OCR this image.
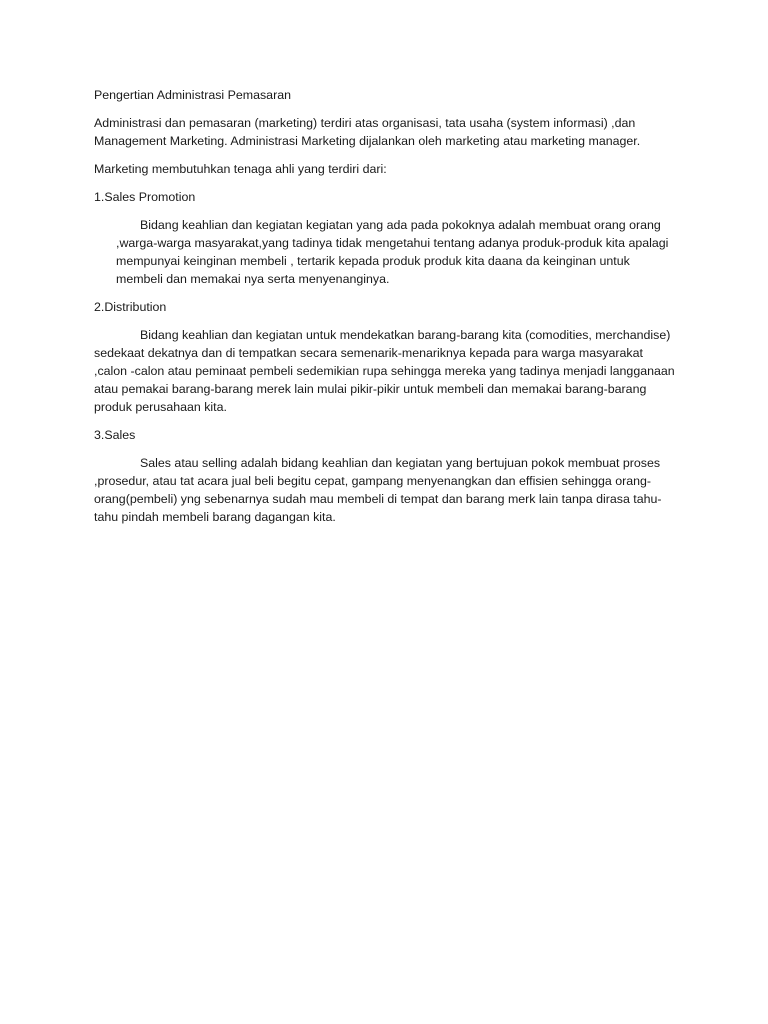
Pengertian Administrasi Pemasaran

Administrasi dan pemasaran (marketing) terdiri atas organisasi, tata usaha (system informasi) ,dan Management Marketing. Administrasi Marketing dijalankan oleh marketing atau marketing manager.

Marketing membutuhkan tenaga ahli yang terdiri dari:

1.Sales Promotion

Bidang keahlian dan kegiatan kegiatan yang ada pada pokoknya adalah membuat orang orang ,warga-warga masyarakat,yang tadinya tidak mengetahui tentang adanya produk-produk kita apalagi mempunyai keinginan membeli , tertarik kepada produk produk kita daana da keinginan untuk membeli dan memakai nya serta menyenanginya.

2.Distribution

Bidang keahlian dan kegiatan untuk mendekatkan barang-barang kita (comodities, merchandise) sedekaat dekatnya dan di tempatkan secara semenarik-menariknya kepada para warga masyarakat ,calon -calon atau peminaat pembeli sedemikian rupa sehingga mereka yang tadinya menjadi langganaan atau pemakai barang-barang merek lain mulai pikir-pikir untuk membeli dan memakai barang-barang produk perusahaan kita.

3.Sales

Sales atau selling adalah bidang keahlian dan kegiatan yang bertujuan pokok membuat proses ,prosedur, atau tat acara jual beli begitu cepat, gampang menyenangkan dan effisien sehingga orang-orang(pembeli) yng sebenarnya sudah mau membeli di tempat dan barang merk lain tanpa dirasa tahu-tahu pindah membeli barang dagangan kita.
